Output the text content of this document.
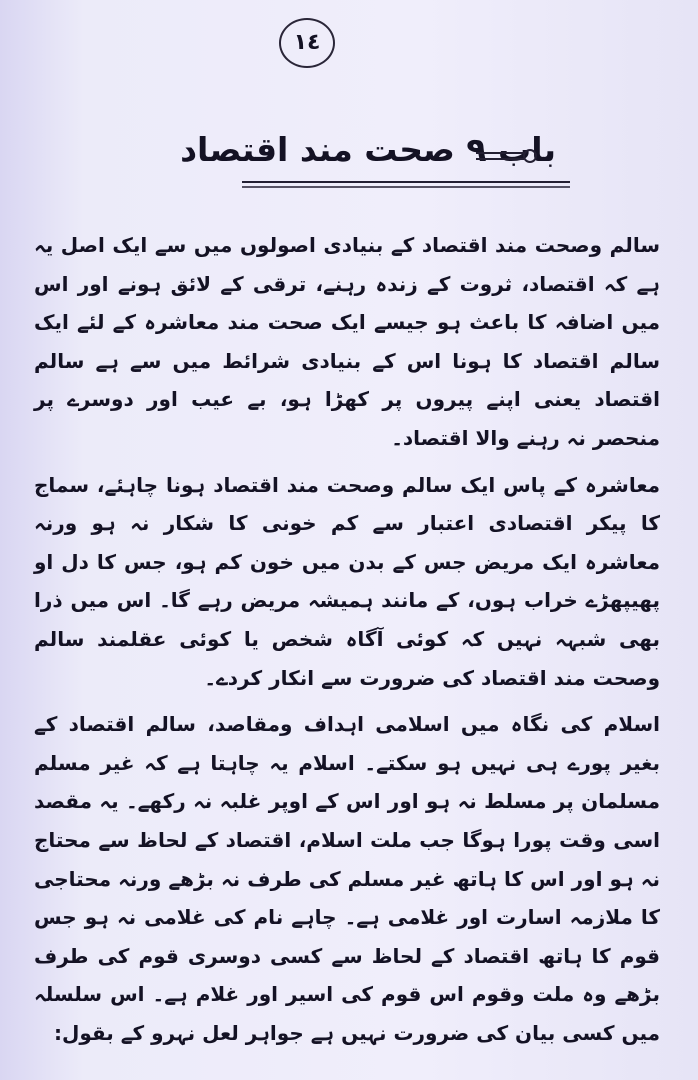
١٤
باب ۹ صحت مند اقتصاد

سالم وصحت مند اقتصاد کے بنیادی اصولوں میں سے ایک اصل یہ ہے کہ اقتصاد، ثروت کے زندہ رہنے، ترقی کے لائق ہونے اور اس میں اضافہ کا باعث ہو جیسے ایک صحت مند معاشرہ کے لئے ایک سالم اقتصاد کا ہونا اس کے بنیادی شرائط میں سے ہے سالم اقتصاد یعنی اپنے پیروں پر کھڑا ہو، بے عیب اور دوسرے پر منحصر نہ رہنے والا اقتصاد۔

معاشرہ کے پاس ایک سالم وصحت مند اقتصاد ہونا چاہئے، سماج کا پیکر اقتصادی اعتبار سے کم خونی کا شکار نہ ہو ورنہ معاشرہ ایک مریض جس کے بدن میں خون کم ہو، جس کا دل او پھیپھڑے خراب ہوں، کے مانند ہمیشہ مریض رہے گا۔ اس میں ذرا بھی شبہہ نہیں کہ کوئی آگاہ شخص یا کوئی عقلمند سالم وصحت مند اقتصاد کی ضرورت سے انکار کردے۔

اسلام کی نگاہ میں اسلامی اہداف ومقاصد، سالم اقتصاد کے بغیر پورے ہی نہیں ہو سکتے۔ اسلام یہ چاہتا ہے کہ غیر مسلم مسلمان پر مسلط نہ ہو اور اس کے اوپر غلبہ نہ رکھے۔ یہ مقصد اسی وقت پورا ہوگا جب ملت اسلام، اقتصاد کے لحاظ سے محتاج نہ ہو اور اس کا ہاتھ غیر مسلم کی طرف نہ بڑھے ورنہ محتاجی کا ملازمہ اسارت اور غلامی ہے۔ چاہے نام کی غلامی نہ ہو جس قوم کا ہاتھ اقتصاد کے لحاظ سے کسی دوسری قوم کی طرف بڑھے وہ ملت وقوم اس قوم کی اسیر اور غلام ہے۔ اس سلسلہ میں کسی بیان کی ضرورت نہیں ہے جواہر لعل نہرو کے بقول:
